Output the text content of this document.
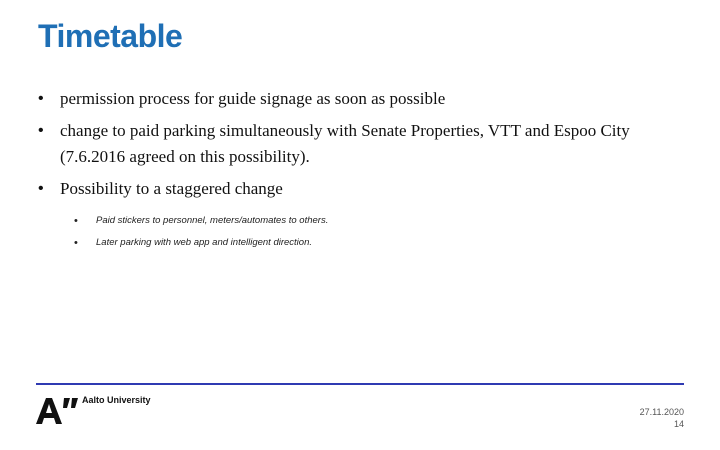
Timetable
• permission process for guide signage as soon as possible
• change to paid parking simultaneously with Senate Properties, VTT and Espoo City (7.6.2016 agreed on this possibility).
• Possibility to a staggered change
• Paid stickers to personnel, meters/automates to others.
• Later parking with web app and intelligent direction.
Aalto University
27.11.2020
14
